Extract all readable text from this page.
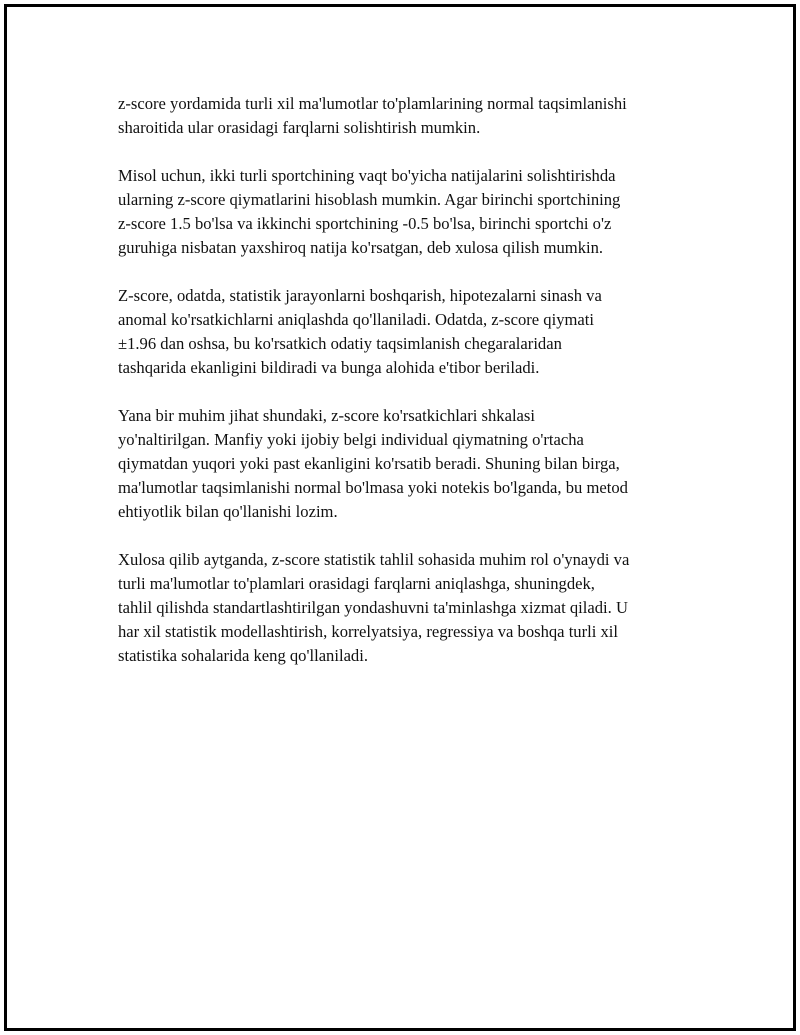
z-score yordamida turli xil ma'lumotlar to'plamlarining normal taqsimlanishi
sharoitida ular orasidagi farqlarni solishtirish mumkin.

Misol uchun, ikki turli sportchining vaqt bo'yicha natijalarini solishtirishda
ularning z-score qiymatlarini hisoblash mumkin. Agar birinchi sportchining
z-score 1.5 bo'lsa va ikkinchi sportchining -0.5 bo'lsa, birinchi sportchi o'z
guruhiga nisbatan yaxshiroq natija ko'rsatgan, deb xulosa qilish mumkin.

Z-score, odatda, statistik jarayonlarni boshqarish, hipotezalarni sinash va
anomal ko'rsatkichlarni aniqlashda qo'llaniladi. Odatda, z-score qiymati
±1.96 dan oshsa, bu ko'rsatkich odatiy taqsimlanish chegaralaridan
tashqarida ekanligini bildiradi va bunga alohida e'tibor beriladi.

Yana bir muhim jihat shundaki, z-score ko'rsatkichlari shkalasi
yo'naltirilgan. Manfiy yoki ijobiy belgi individual qiymatning o'rtacha
qiymatdan yuqori yoki past ekanligini ko'rsatib beradi. Shuning bilan birga,
ma'lumotlar taqsimlanishi normal bo'lmasa yoki notekis bo'lganda, bu metod
ehtiyotlik bilan qo'llanishi lozim.

Xulosa qilib aytganda, z-score statistik tahlil sohasida muhim rol o'ynaydi va
turli ma'lumotlar to'plamlari orasidagi farqlarni aniqlashga, shuningdek,
tahlil qilishda standartlashtirilgan yondashuvni ta'minlashga xizmat qiladi. U
har xil statistik modellashtirish, korrelyatsiya, regressiya va boshqa turli xil
statistika sohalarida keng qo'llaniladi.
